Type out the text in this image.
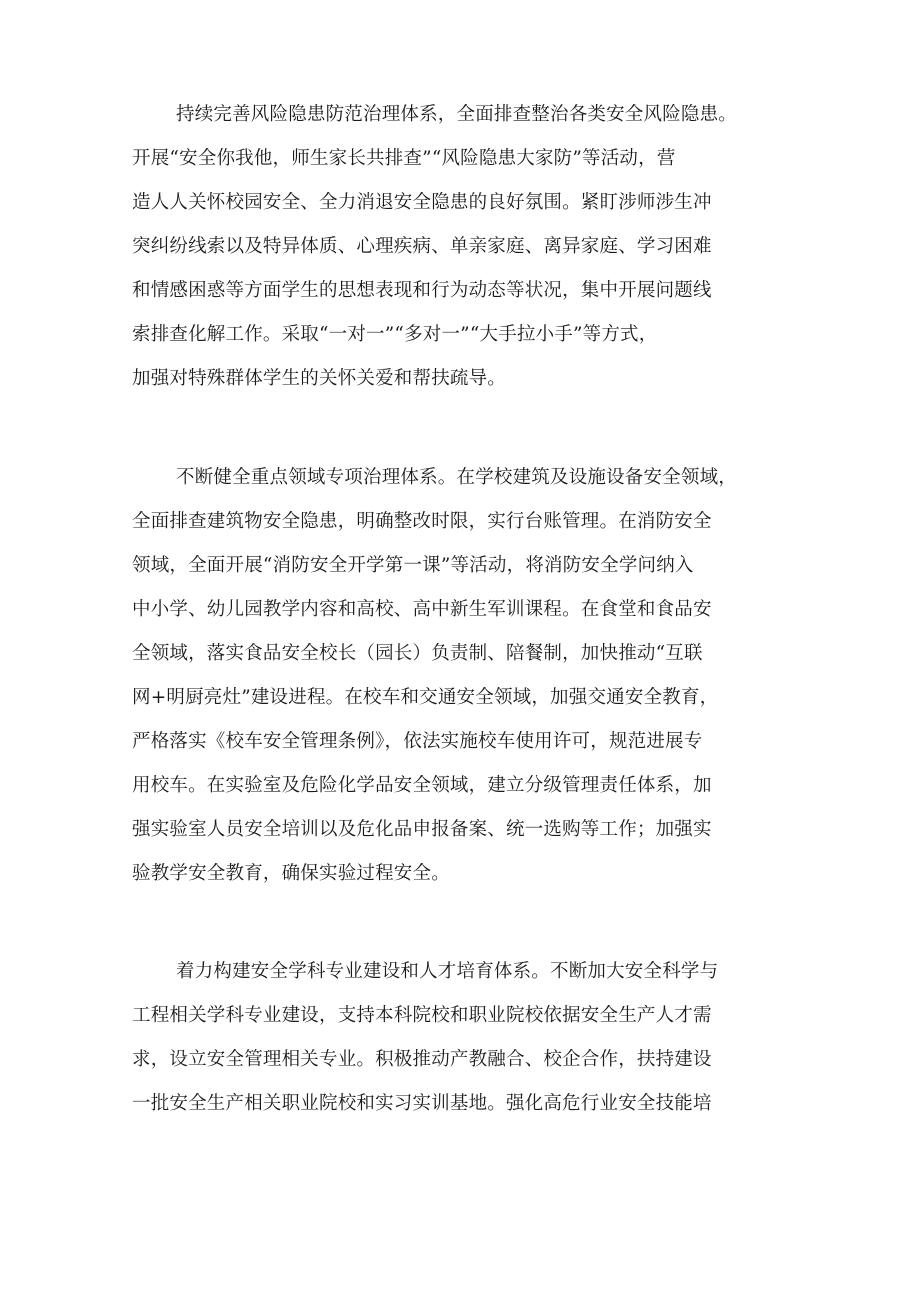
持续完善风险隐患防范治理体系，全面排查整治各类安全风险隐患。
开展“安全你我他，师生家长共排查”“风险隐患大家防”等活动，营
造人人关怀校园安全、全力消退安全隐患的良好氛围。紧盯涉师涉生冲
突纠纷线索以及特异体质、心理疾病、单亲家庭、离异家庭、学习困难
和情感困惑等方面学生的思想表现和行为动态等状况，集中开展问题线
索排查化解工作。采取“一对一”“多对一”“大手拉小手”等方式，
加强对特殊群体学生的关怀关爱和帮扶疏导。
不断健全重点领域专项治理体系。在学校建筑及设施设备安全领域，
全面排查建筑物安全隐患，明确整改时限，实行台账管理。在消防安全
领域，全面开展“消防安全开学第一课”等活动，将消防安全学问纳入
中小学、幼儿园教学内容和高校、高中新生军训课程。在食堂和食品安
全领域，落实食品安全校长（园长）负责制、陪餐制，加快推动“互联
网+明厨亮灶”建设进程。在校车和交通安全领域，加强交通安全教育，
严格落实《校车安全管理条例》，依法实施校车使用许可，规范进展专
用校车。在实验室及危险化学品安全领域，建立分级管理责任体系，加
强实验室人员安全培训以及危化品申报备案、统一选购等工作；加强实
验教学安全教育，确保实验过程安全。
着力构建安全学科专业建设和人才培育体系。不断加大安全科学与
工程相关学科专业建设，支持本科院校和职业院校依据安全生产人才需
求，设立安全管理相关专业。积极推动产教融合、校企合作，扶持建设
一批安全生产相关职业院校和实习实训基地。强化高危行业安全技能培
